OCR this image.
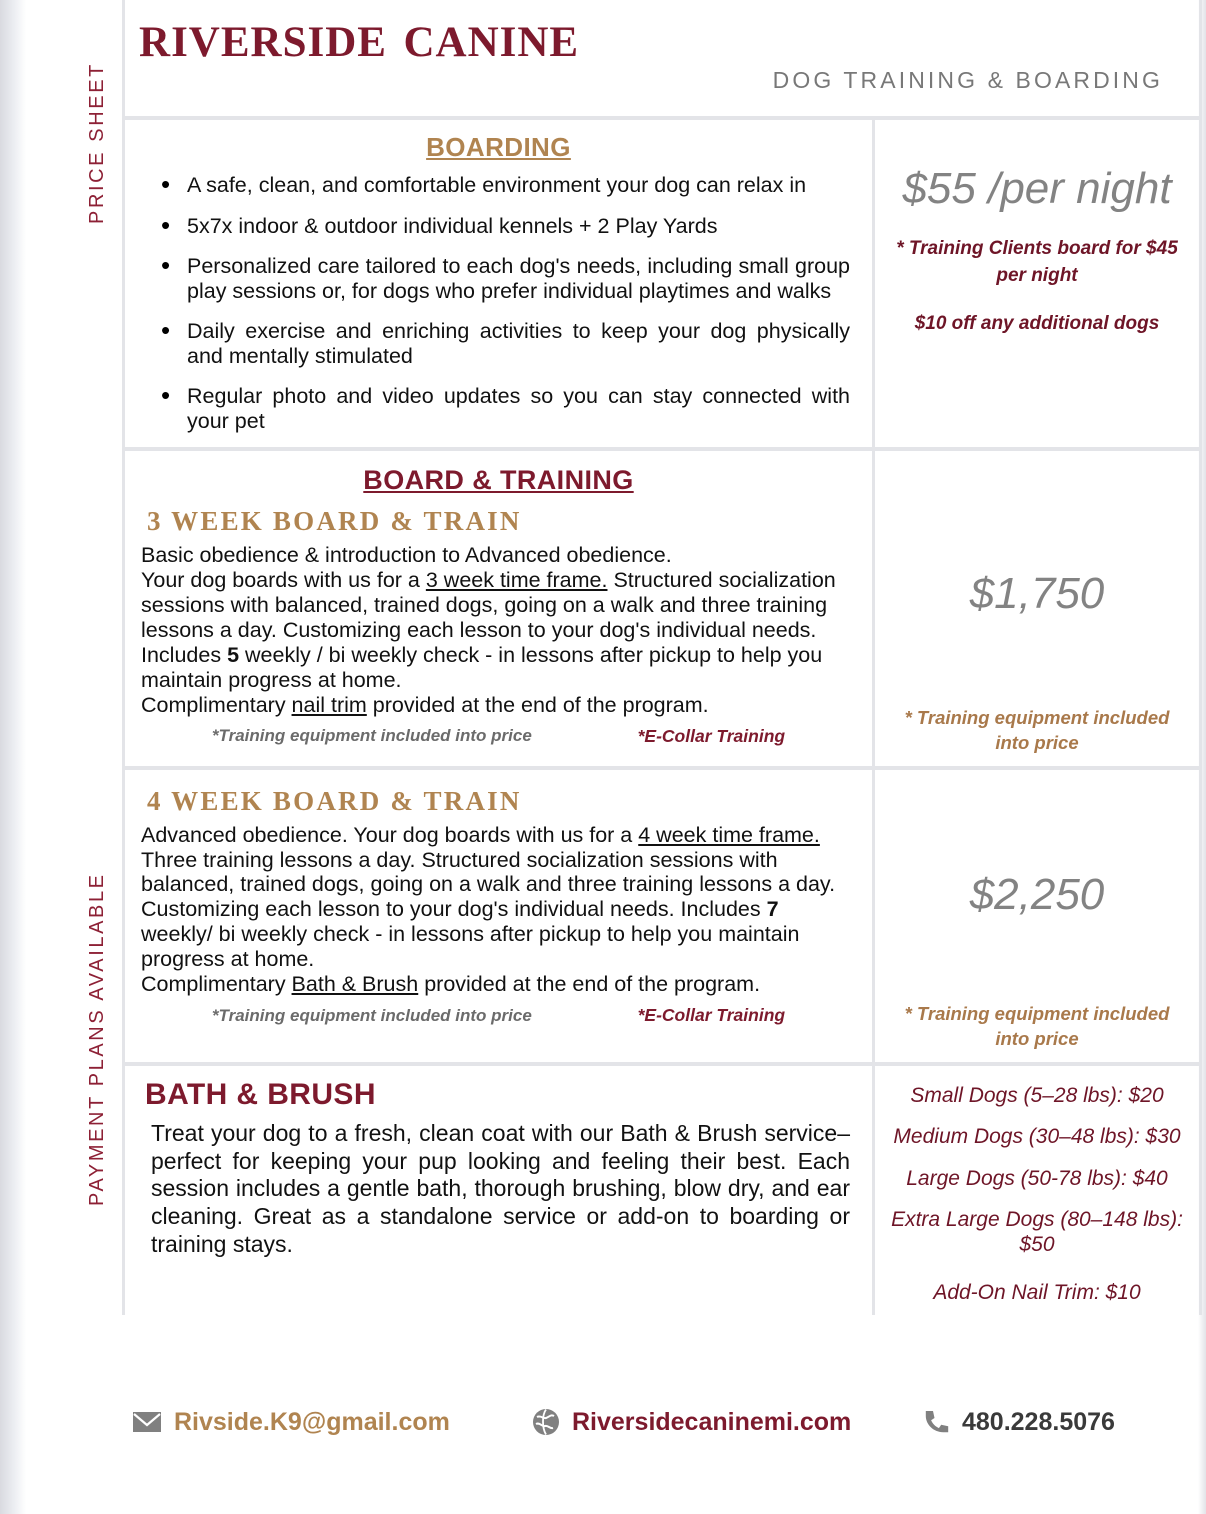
PRICE SHEET
PAYMENT PLANS AVAILABLE
riverside canine
DOG TRAINING & BOARDING
BOARDING
• A safe, clean, and comfortable environment your dog can relax in
• 5x7x indoor & outdoor individual kennels + 2 Play Yards
• Personalized care tailored to each dog's needs, including small group play sessions or, for dogs who prefer individual playtimes and walks
• Daily exercise and enriching activities to keep your dog physically and mentally stimulated
• Regular photo and video updates so you can stay connected with your pet
$55 /per night
* Training Clients board for $45 per night
$10 off any additional dogs
BOARD & TRAINING
3 WEEK BOARD & TRAIN
Basic obedience & introduction to Advanced obedience.
Your dog boards with us for a 3 week time frame. Structured socialization sessions with balanced, trained dogs, going on a walk and three training lessons a day. Customizing each lesson to your dog's individual needs. Includes 5 weekly / bi weekly check - in lessons after pickup to help you maintain progress at home.
Complimentary nail trim provided at the end of the program.
*Training equipment included into price	*E-Collar Training
$1,750
* Training equipment included into price
4 WEEK BOARD & TRAIN
Advanced obedience. Your dog boards with us for a 4 week time frame. Three training lessons a day. Structured socialization sessions with balanced, trained dogs, going on a walk and three training lessons a day. Customizing each lesson to your dog's individual needs. Includes 7 weekly/ bi weekly check - in lessons after pickup to help you maintain progress at home.
Complimentary Bath & Brush provided at the end of the program.
*Training equipment included into price	*E-Collar Training
$2,250
* Training equipment included into price
BATH & BRUSH
Treat your dog to a fresh, clean coat with our Bath & Brush service–perfect for keeping your pup looking and feeling their best. Each session includes a gentle bath, thorough brushing, blow dry, and ear cleaning. Great as a standalone service or add-on to boarding or training stays.
Small Dogs (5–28 lbs): $20
Medium Dogs (30–48 lbs): $30
Large Dogs (50-78 lbs): $40
Extra Large Dogs (80–148 lbs): $50
Add-On Nail Trim: $10
Rivside.K9@gmail.com	Riversidecaninemi.com	480.228.5076
